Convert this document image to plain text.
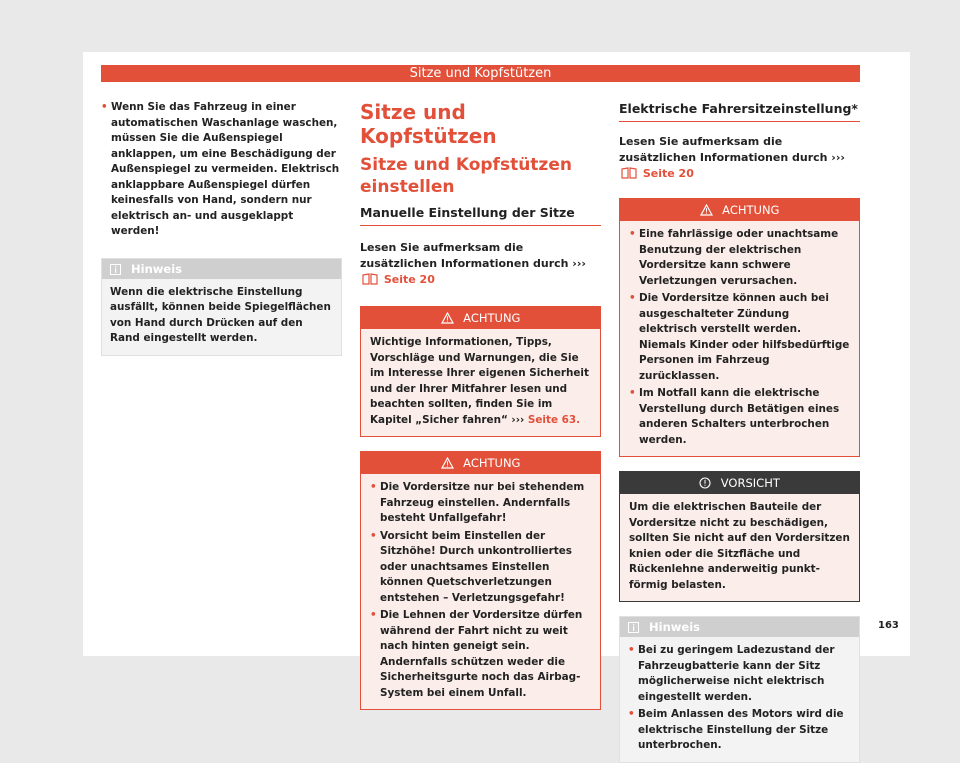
Sitze und Kopfstützen
• Wenn Sie das Fahrzeug in einer automatischen Waschanlage waschen, müssen Sie die Außenspiegel anklappen, um eine Beschädigung der Außenspiegel zu vermeiden. Elektrisch anklappbare Außenspiegel dürfen keinesfalls von Hand, sondern nur elektrisch an- und ausgeklappt werden!
Hinweis
Wenn die elektrische Einstellung ausfällt, können beide Spiegelflächen von Hand durch Drücken auf den Rand eingestellt werden.
Sitze und Kopfstützen
Sitze und Kopfstützen einstellen
Manuelle Einstellung der Sitze
Lesen Sie aufmerksam die zusätzlichen Informationen durch ›››  Seite 20
ACHTUNG
Wichtige Informationen, Tipps, Vorschläge und Warnungen, die Sie im Interesse Ihrer eigenen Sicherheit und der Ihrer Mitfahrer lesen und beachten sollten, finden Sie im Kapitel „Sicher fahren“ ››› Seite 63.
ACHTUNG
• Die Vordersitze nur bei stehendem Fahrzeug einstellen. Andernfalls besteht Unfallgefahr!
• Vorsicht beim Einstellen der Sitzhöhe! Durch unkontrolliertes oder unachtsames Einstellen können Quetschverletzungen entstehen – Verletzungsgefahr!
• Die Lehnen der Vordersitze dürfen während der Fahrt nicht zu weit nach hinten geneigt sein. Andernfalls schützen weder die Sicherheitsgurte noch das Airbag-System bei einem Unfall.
Elektrische Fahrersitzeinstellung*
Lesen Sie aufmerksam die zusätzlichen Informationen durch ›››  Seite 20
ACHTUNG
• Eine fahrlässige oder unachtsame Benutzung der elektrischen Vordersitze kann schwere Verletzungen verursachen.
• Die Vordersitze können auch bei ausgeschalteter Zündung elektrisch verstellt werden. Niemals Kinder oder hilfsbedürftige Personen im Fahrzeug zurücklassen.
• Im Notfall kann die elektrische Verstellung durch Betätigen eines anderen Schalters unterbrochen werden.
VORSICHT
Um die elektrischen Bauteile der Vordersitze nicht zu beschädigen, sollten Sie nicht auf den Vordersitzen knien oder die Sitzfläche und Rückenlehne anderweitig punktförmig belasten.
Hinweis
• Bei zu geringem Ladezustand der Fahrzeugbatterie kann der Sitz möglicherweise nicht elektrisch eingestellt werden.
• Beim Anlassen des Motors wird die elektrische Einstellung der Sitze unterbrochen.
163
